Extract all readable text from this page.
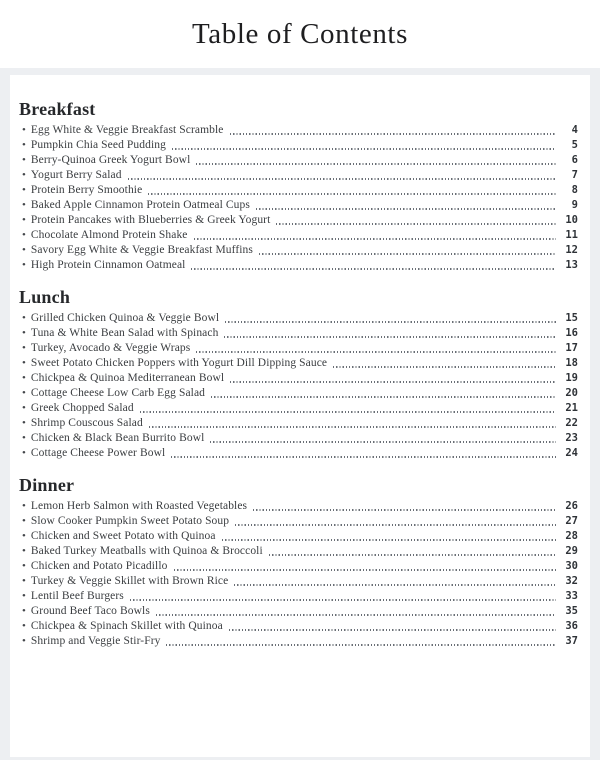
Table of Contents
Breakfast
• Egg White & Veggie Breakfast Scramble	4
• Pumpkin Chia Seed Pudding	5
• Berry-Quinoa Greek Yogurt Bowl	6
• Yogurt Berry Salad	7
• Protein Berry Smoothie	8
• Baked Apple Cinnamon Protein Oatmeal Cups	9
• Protein Pancakes with Blueberries & Greek Yogurt	10
• Chocolate Almond Protein Shake	11
• Savory Egg White & Veggie Breakfast Muffins	12
• High Protein Cinnamon Oatmeal	13
Lunch
• Grilled Chicken Quinoa & Veggie Bowl	15
• Tuna & White Bean Salad with Spinach	16
• Turkey, Avocado & Veggie Wraps	17
• Sweet Potato Chicken Poppers with Yogurt Dill Dipping Sauce	18
• Chickpea & Quinoa Mediterranean Bowl	19
• Cottage Cheese Low Carb Egg Salad	20
• Greek Chopped Salad	21
• Shrimp Couscous Salad	22
• Chicken & Black Bean Burrito Bowl	23
• Cottage Cheese Power Bowl	24
Dinner
• Lemon Herb Salmon with Roasted Vegetables	26
• Slow Cooker Pumpkin Sweet Potato Soup	27
• Chicken and Sweet Potato with Quinoa	28
• Baked Turkey Meatballs with Quinoa & Broccoli	29
• Chicken and Potato Picadillo	30
• Turkey & Veggie Skillet with Brown Rice	32
• Lentil Beef Burgers	33
• Ground Beef Taco Bowls	35
• Chickpea & Spinach Skillet with Quinoa	36
• Shrimp and Veggie Stir-Fry	37
